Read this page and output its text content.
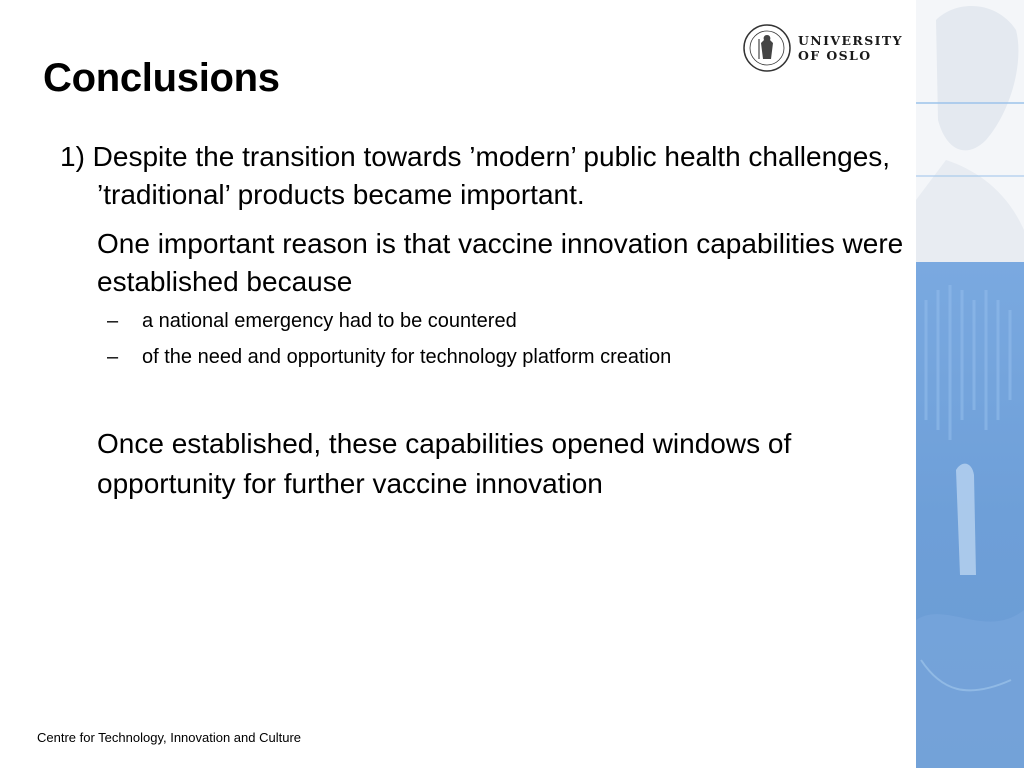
UNIVERSITY
OF OSLO
Conclusions

1) Despite the transition towards ’modern’ public health challenges, ’traditional’ products became important.

One important reason is that vaccine innovation capabilities were established because

–	a national emergency had to be countered
–	of the need and opportunity for technology platform creation

Once established, these capabilities opened windows of
opportunity for further vaccine innovation

Centre for Technology, Innovation and Culture
